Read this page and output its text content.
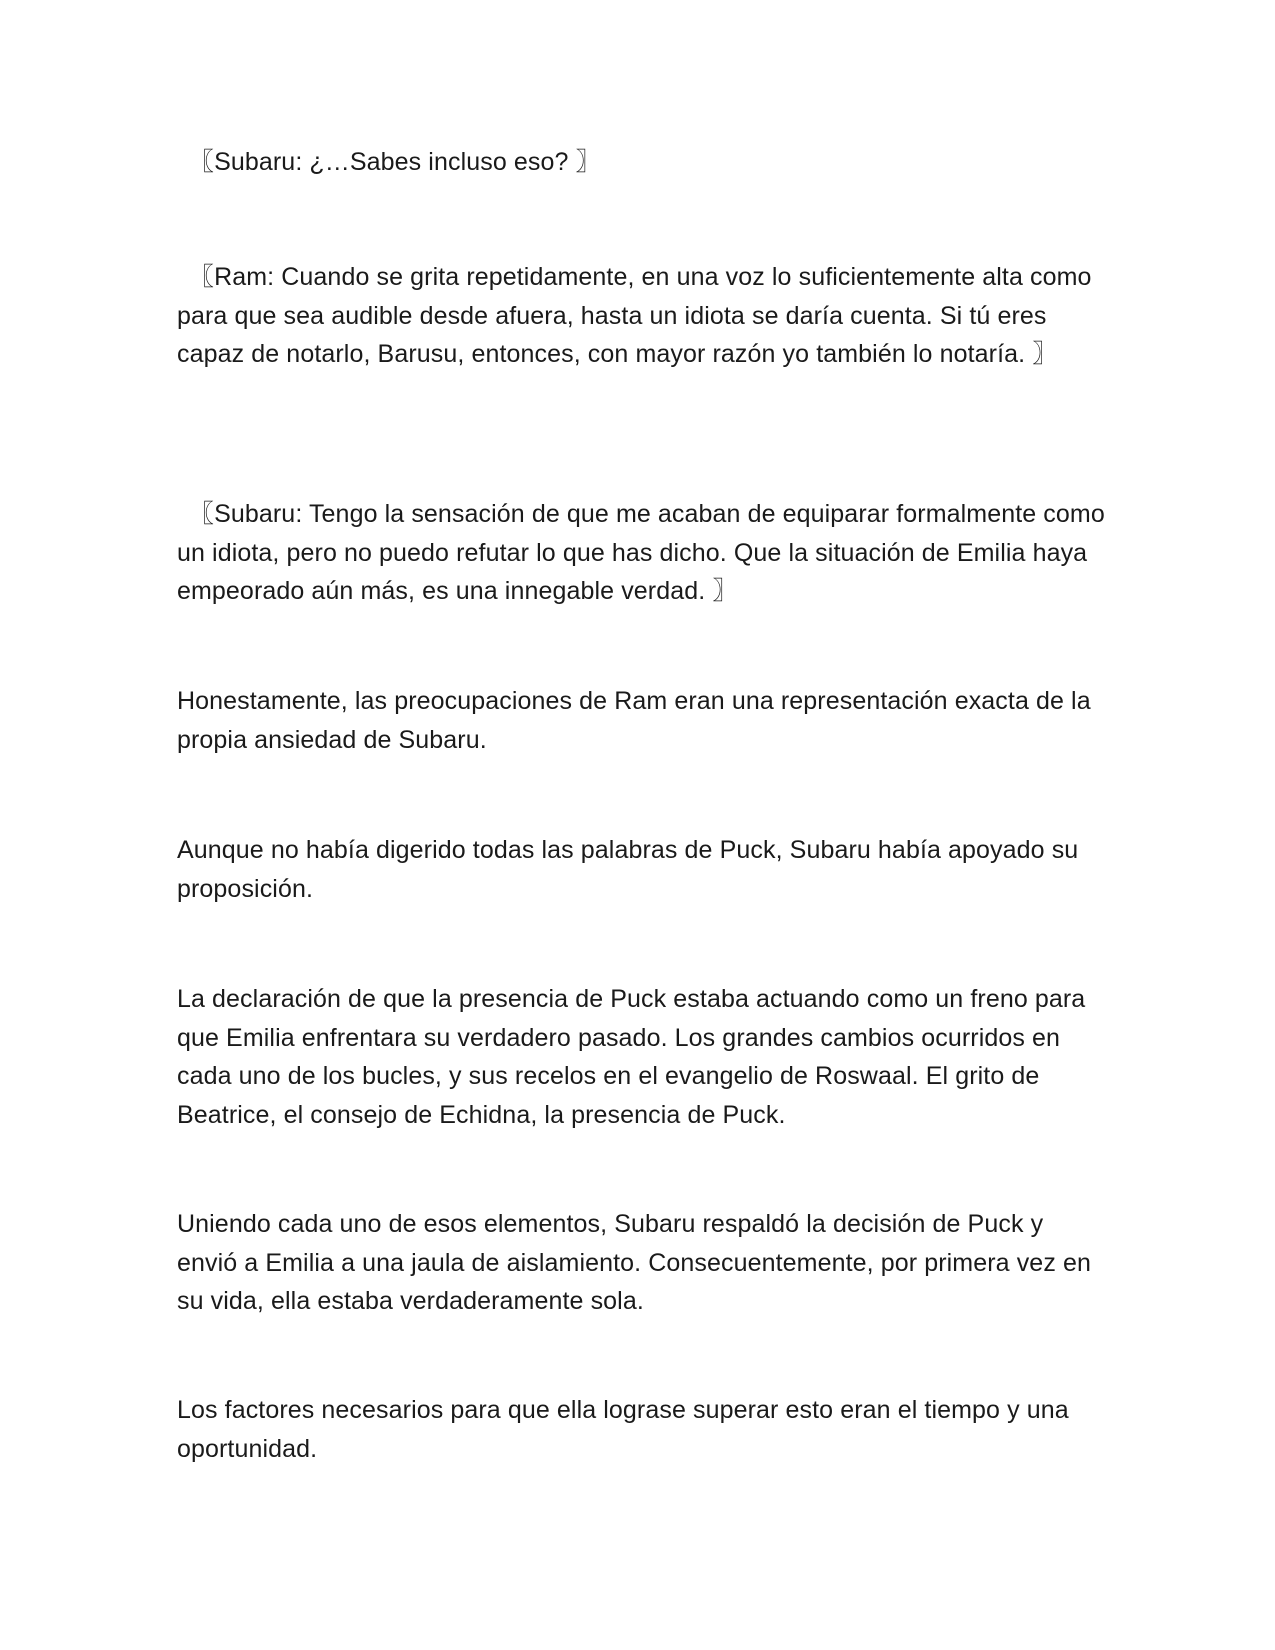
〖Subaru: ¿…Sabes incluso eso? 〗

〖Ram: Cuando se grita repetidamente, en una voz lo suficientemente alta como para que sea audible desde afuera, hasta un idiota se daría cuenta. Si tú eres capaz de notarlo, Barusu, entonces, con mayor razón yo también lo notaría. 〗

〖Subaru: Tengo la sensación de que me acaban de equiparar formalmente como un idiota, pero no puedo refutar lo que has dicho. Que la situación de Emilia haya empeorado aún más, es una innegable verdad. 〗

Honestamente, las preocupaciones de Ram eran una representación exacta de la propia ansiedad de Subaru.

Aunque no había digerido todas las palabras de Puck, Subaru había apoyado su proposición.

La declaración de que la presencia de Puck estaba actuando como un freno para que Emilia enfrentara su verdadero pasado. Los grandes cambios ocurridos en cada uno de los bucles, y sus recelos en el evangelio de Roswaal. El grito de Beatrice, el consejo de Echidna, la presencia de Puck.

Uniendo cada uno de esos elementos, Subaru respaldó la decisión de Puck y envió a Emilia a una jaula de aislamiento. Consecuentemente, por primera vez en su vida, ella estaba verdaderamente sola.

Los factores necesarios para que ella lograse superar esto eran el tiempo y una oportunidad.
